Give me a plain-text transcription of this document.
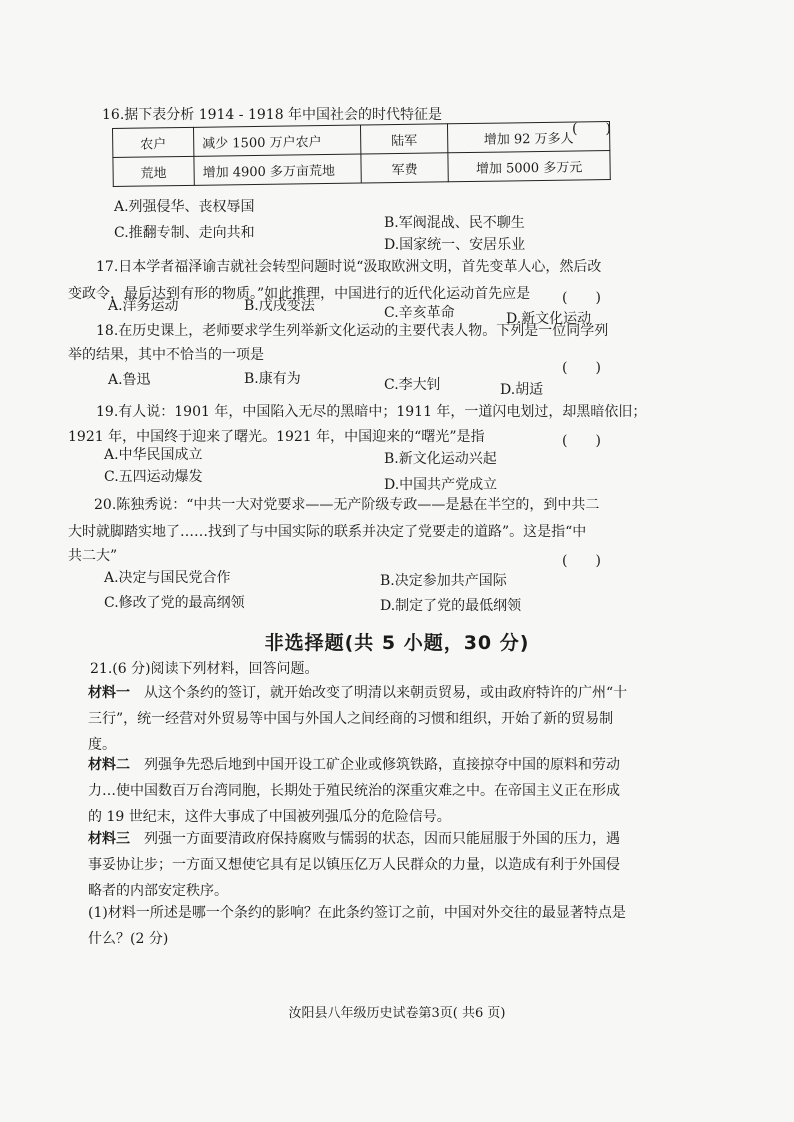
16.据下表分析 1914 - 1918 年中国社会的时代特征是
(　　)
农户	减少 1500 万户农户	陆军	增加 92 万多人
荒地	增加 4900 多万亩荒地	军费	增加 5000 多万元
A.列强侵华、丧权辱国
B.军阀混战、民不聊生
C.推翻专制、走向共和
D.国家统一、安居乐业
17.日本学者福泽谕吉就社会转型问题时说“汲取欧洲文明，首先变革人心，然后改
变政令，最后达到有形的物质。”如此推理，中国进行的近代化运动首先应是 (　　)
A.洋务运动	B.戊戌变法	C.辛亥革命	D.新文化运动
18.在历史课上，老师要求学生列举新文化运动的主要代表人物。下列是一位同学列
举的结果，其中不恰当的一项是
(　　)
A.鲁迅	B.康有为	C.李大钊	D.胡适
19.有人说：1901 年，中国陷入无尽的黑暗中；1911 年，一道闪电划过，却黑暗依旧；
1921 年，中国终于迎来了曙光。1921 年，中国迎来的“曙光”是指	(　　)
A.中华民国成立	B.新文化运动兴起
C.五四运动爆发	D.中国共产党成立
20.陈独秀说：“中共一大对党要求——无产阶级专政——是悬在半空的，到中共二
大时就脚踏实地了……找到了与中国实际的联系并决定了党要走的道路”。这是指“中
共二大”	(　　)
A.决定与国民党合作	B.决定参加共产国际
C.修改了党的最高纲领	D.制定了党的最低纲领
非选择题(共 5 小题，30 分)
21.(6 分)阅读下列材料，回答问题。
材料一　从这个条约的签订，就开始改变了明清以来朝贡贸易，或由政府特许的广州“十三行”，统一经营对外贸易等中国与外国人之间经商的习惯和组织，开始了新的贸易制度。
材料二　列强争先恐后地到中国开设工矿企业或修筑铁路，直接掠夺中国的原料和劳动力…使中国数百万台湾同胞，长期处于殖民统治的深重灾难之中。在帝国主义正在形成的 19 世纪末，这件大事成了中国被列强瓜分的危险信号。
材料三　列强一方面要清政府保持腐败与懦弱的状态，因而只能屈服于外国的压力，遇事妥协让步；一方面又想使它具有足以镇压亿万人民群众的力量，以造成有利于外国侵略者的内部安定秩序。
(1)材料一所述是哪一个条约的影响？在此条约签订之前，中国对外交往的最显著特点是什么？(2 分)
汝阳县八年级历史试卷第3页( 共6 页)
